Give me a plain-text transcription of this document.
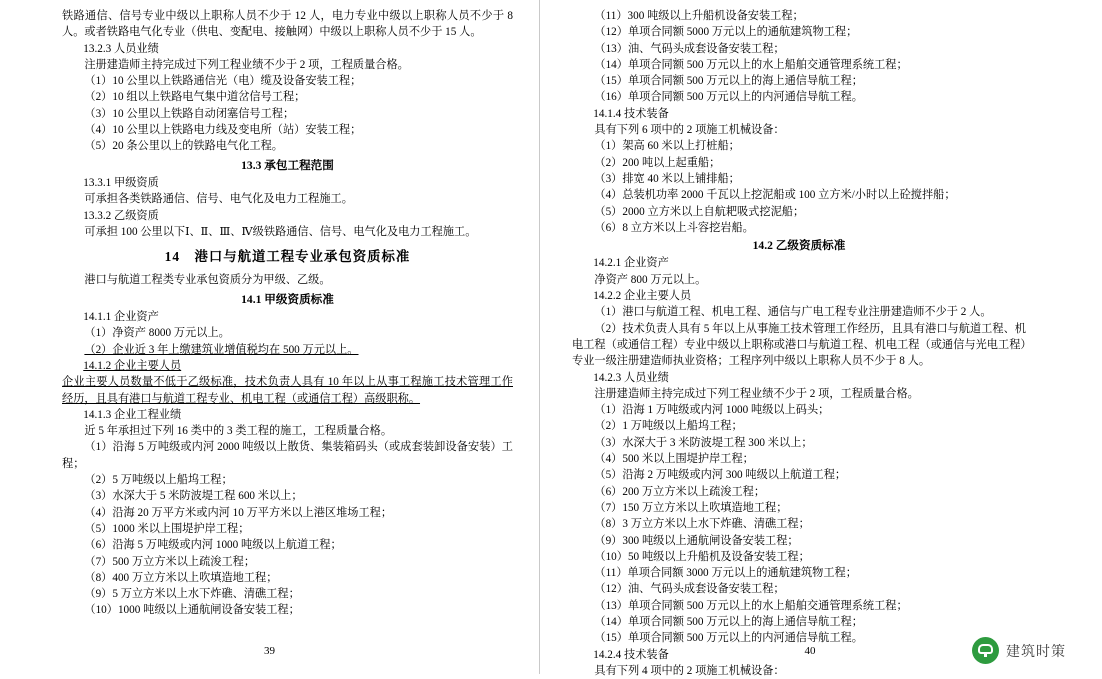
铁路通信、信号专业中级以上职称人员不少于 12 人，电力专业中级以上职称人员不少于 8 人。或者铁路电气化专业（供电、变配电、接触网）中级以上职称人员不少于 15 人。

13.2.3 人员业绩

注册建造师主持完成过下列工程业绩不少于 2 项，工程质量合格。

（1）10 公里以上铁路通信光（电）缆及设备安装工程；

（2）10 组以上铁路电气集中道岔信号工程；

（3）10 公里以上铁路自动闭塞信号工程；

（4）10 公里以上铁路电力线及变电所（站）安装工程；

（5）20 条公里以上的铁路电气化工程。

13.3 承包工程范围

13.3.1 甲级资质

可承担各类铁路通信、信号、电气化及电力工程施工。

13.3.2 乙级资质

可承担 100 公里以下Ⅰ、Ⅱ、Ⅲ、Ⅳ级铁路通信、信号、电气化及电力工程施工。

14　港口与航道工程专业承包资质标准

港口与航道工程类专业承包资质分为甲级、乙级。

14.1 甲级资质标准

14.1.1 企业资产

（1）净资产 8000 万元以上。

（2）企业近 3 年上缴建筑业增值税均在 500 万元以上。

14.1.2 企业主要人员

企业主要人员数量不低于乙级标准，技术负责人具有 10 年以上从事工程施工技术管理工作经历，且具有港口与航道工程专业、机电工程（或通信工程）高级职称。

14.1.3 企业工程业绩

近 5 年承担过下列 16 类中的 3 类工程的施工，工程质量合格。

（1）沿海 5 万吨级或内河 2000 吨级以上散货、集装箱码头（或成套装卸设备安装）工程；

（2）5 万吨级以上船坞工程；

（3）水深大于 5 米防波堤工程 600 米以上；

（4）沿海 20 万平方米或内河 10 万平方米以上港区堆场工程；

（5）1000 米以上围堤护岸工程；

（6）沿海 5 万吨级或内河 1000 吨级以上航道工程；

（7）500 万立方米以上疏浚工程；

（8）400 万立方米以上吹填造地工程；

（9）5 万立方米以上水下炸礁、清礁工程；

（10）1000 吨级以上通航闸设备安装工程；

39

（11）300 吨级以上升船机设备安装工程；

（12）单项合同额 5000 万元以上的通航建筑物工程；

（13）油、气码头成套设备安装工程；

（14）单项合同额 500 万元以上的水上船舶交通管理系统工程；

（15）单项合同额 500 万元以上的海上通信导航工程；

（16）单项合同额 500 万元以上的内河通信导航工程。

14.1.4 技术装备

具有下列 6 项中的 2 项施工机械设备：

（1）架高 60 米以上打桩船；

（2）200 吨以上起重船；

（3）排宽 40 米以上铺排船；

（4）总装机功率 2000 千瓦以上挖泥船或 100 立方米/小时以上砼搅拌船；

（5）2000 立方米以上自航耙吸式挖泥船；

（6）8 立方米以上斗容挖岩船。

14.2 乙级资质标准

14.2.1 企业资产

净资产 800 万元以上。

14.2.2 企业主要人员

（1）港口与航道工程、机电工程、通信与广电工程专业注册建造师不少于 2 人。

（2）技术负责人具有 5 年以上从事施工技术管理工作经历，且具有港口与航道工程、机电工程（或通信工程）专业中级以上职称或港口与航道工程、机电工程（或通信与光电工程）专业一级注册建造师执业资格；工程序列中级以上职称人员不少于 8 人。

14.2.3 人员业绩

注册建造师主持完成过下列工程业绩不少于 2 项，工程质量合格。

（1）沿海 1 万吨级或内河 1000 吨级以上码头；

（2）1 万吨级以上船坞工程；

（3）水深大于 3 米防波堤工程 300 米以上；

（4）500 米以上围堤护岸工程；

（5）沿海 2 万吨级或内河 300 吨级以上航道工程；

（6）200 万立方米以上疏浚工程；

（7）150 万立方米以上吹填造地工程；

（8）3 万立方米以上水下炸礁、清礁工程；

（9）300 吨级以上通航闸设备安装工程；

（10）50 吨级以上升船机及设备安装工程；

（11）单项合同额 3000 万元以上的通航建筑物工程；

（12）油、气码头成套设备安装工程；

（13）单项合同额 500 万元以上的水上船舶交通管理系统工程；

（14）单项合同额 500 万元以上的海上通信导航工程；

（15）单项合同额 500 万元以上的内河通信导航工程。

14.2.4 技术装备

具有下列 4 项中的 2 项施工机械设备：

40	建筑时策
